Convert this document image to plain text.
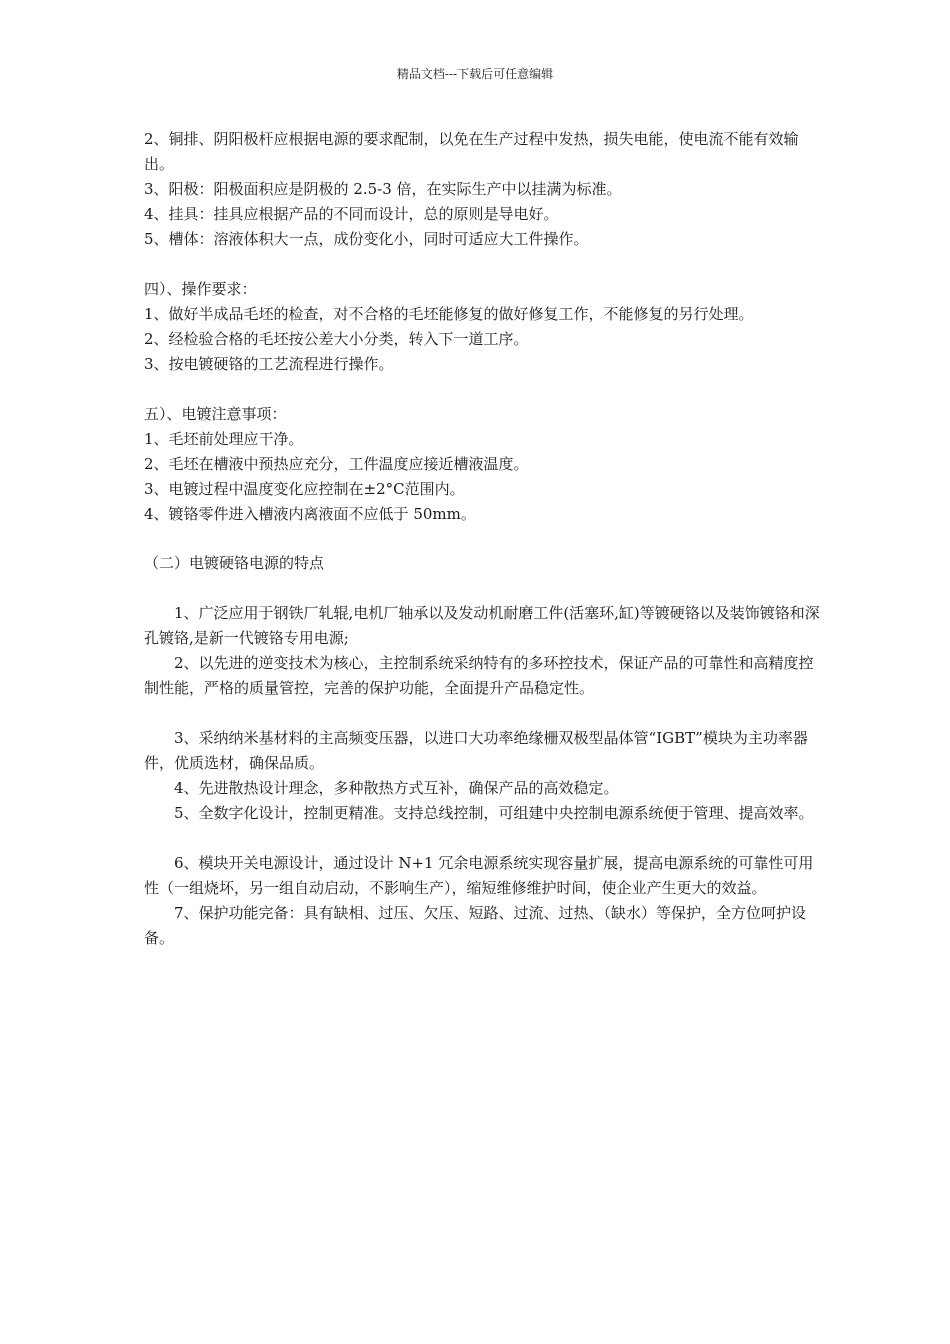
精品文档---下载后可任意编辑

2、铜排、阴阳极杆应根据电源的要求配制，以免在生产过程中发热，损失电能，使电流不能有效输出。

3、阳极：阳极面积应是阴极的 2.5-3 倍，在实际生产中以挂满为标准。

4、挂具：挂具应根据产品的不同而设计，总的原则是导电好。

5、槽体：溶液体积大一点，成份变化小，同时可适应大工件操作。

四）、操作要求：

1、做好半成品毛坯的检查，对不合格的毛坯能修复的做好修复工作，不能修复的另行处理。

2、经检验合格的毛坯按公差大小分类，转入下一道工序。

3、按电镀硬铬的工艺流程进行操作。

五）、电镀注意事项：

1、毛坯前处理应干净。

2、毛坯在槽液中预热应充分，工件温度应接近槽液温度。

3、电镀过程中温度变化应控制在±2°C范围内。

4、镀铬零件进入槽液内离液面不应低于 50mm。

（二）电镀硬铬电源的特点

1、广泛应用于钢铁厂轧辊,电机厂轴承以及发动机耐磨工件(活塞环,缸)等镀硬铬以及装饰镀铬和深孔镀铬,是新一代镀铬专用电源;

2、以先进的逆变技术为核心，主控制系统采纳特有的多环控技术，保证产品的可靠性和高精度控制性能，严格的质量管控，完善的保护功能，全面提升产品稳定性。

3、采纳纳米基材料的主高频变压器，以进口大功率绝缘栅双极型晶体管“IGBT”模块为主功率器件，优质选材，确保品质。

4、先进散热设计理念，多种散热方式互补，确保产品的高效稳定。

5、全数字化设计，控制更精准。支持总线控制，可组建中央控制电源系统便于管理、提高效率。

6、模块开关电源设计，通过设计 N+1 冗余电源系统实现容量扩展，提高电源系统的可靠性可用性（一组烧坏，另一组自动启动，不影响生产），缩短维修维护时间，使企业产生更大的效益。

7、保护功能完备：具有缺相、过压、欠压、短路、过流、过热、（缺水）等保护，全方位呵护设备。
